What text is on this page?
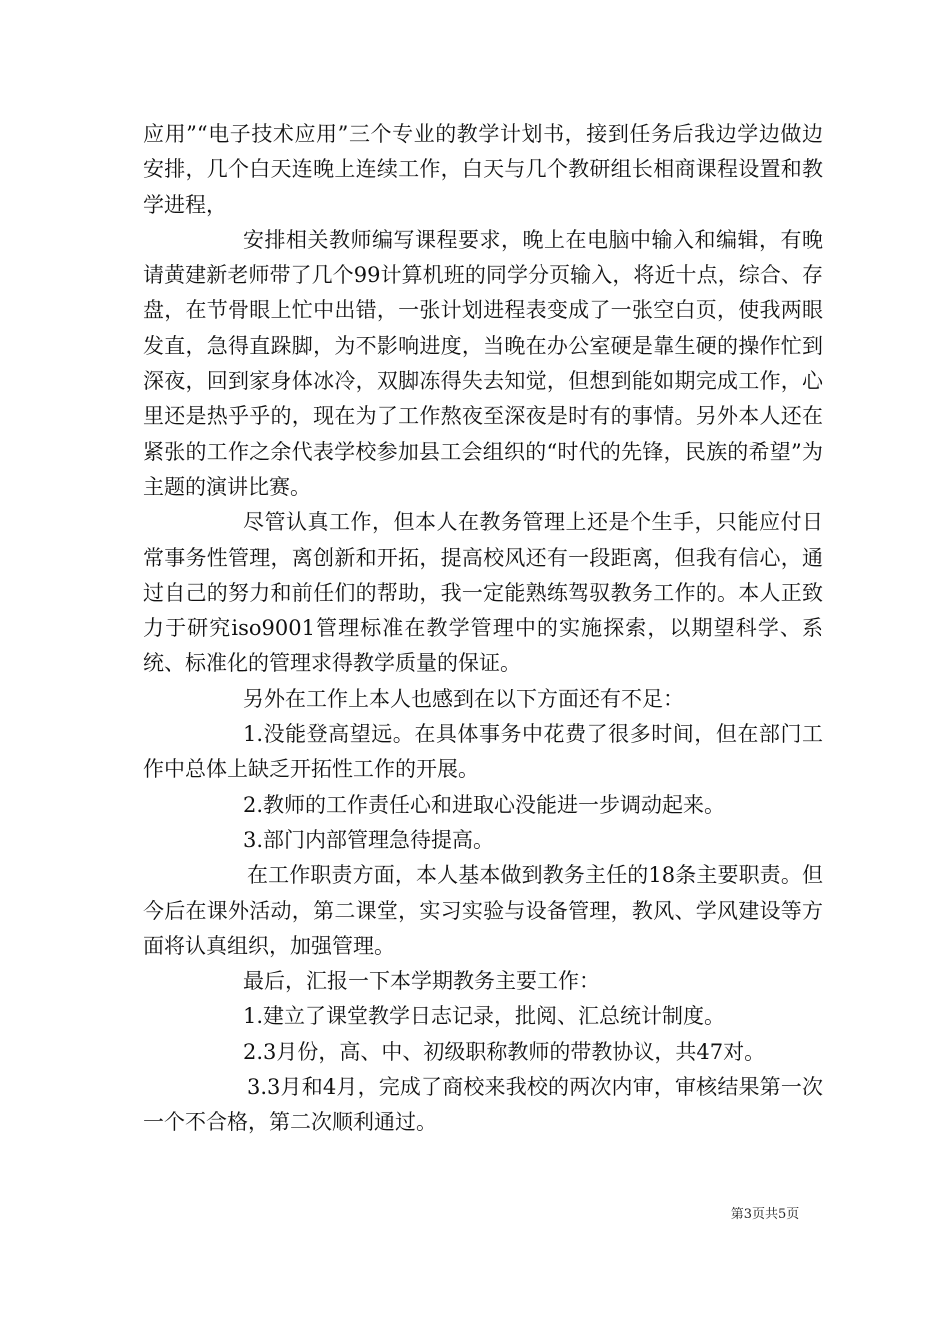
应用”“电子技术应用”三个专业的教学计划书，接到任务后我边学边做边安排，几个白天连晚上连续工作，白天与几个教研组长相商课程设置和教学进程，

安排相关教师编写课程要求，晚上在电脑中输入和编辑，有晚请黄建新老师带了几个99计算机班的同学分页输入，将近十点，综合、存盘，在节骨眼上忙中出错，一张计划进程表变成了一张空白页，使我两眼发直，急得直跺脚，为不影响进度，当晚在办公室硬是靠生硬的操作忙到深夜，回到家身体冰冷，双脚冻得失去知觉，但想到能如期完成工作，心里还是热乎乎的，现在为了工作熬夜至深夜是时有的事情。另外本人还在紧张的工作之余代表学校参加县工会组织的“时代的先锋，民族的希望”为主题的演讲比赛。

尽管认真工作，但本人在教务管理上还是个生手，只能应付日常事务性管理，离创新和开拓，提高校风还有一段距离，但我有信心，通过自己的努力和前任们的帮助，我一定能熟练驾驭教务工作的。本人正致力于研究iso9001管理标准在教学管理中的实施探索，以期望科学、系统、标准化的管理求得教学质量的保证。

另外在工作上本人也感到在以下方面还有不足：

1.没能登高望远。在具体事务中花费了很多时间，但在部门工作中总体上缺乏开拓性工作的开展。

2.教师的工作责任心和进取心没能进一步调动起来。

3.部门内部管理急待提高。

在工作职责方面，本人基本做到教务主任的18条主要职责。但今后在课外活动，第二课堂，实习实验与设备管理，教风、学风建设等方面将认真组织，加强管理。

最后，汇报一下本学期教务主要工作：

1.建立了课堂教学日志记录，批阅、汇总统计制度。

2.3月份，高、中、初级职称教师的带教协议，共47对。

3.3月和4月，完成了商校来我校的两次内审，审核结果第一次一个不合格，第二次顺利通过。

第3页共5页
